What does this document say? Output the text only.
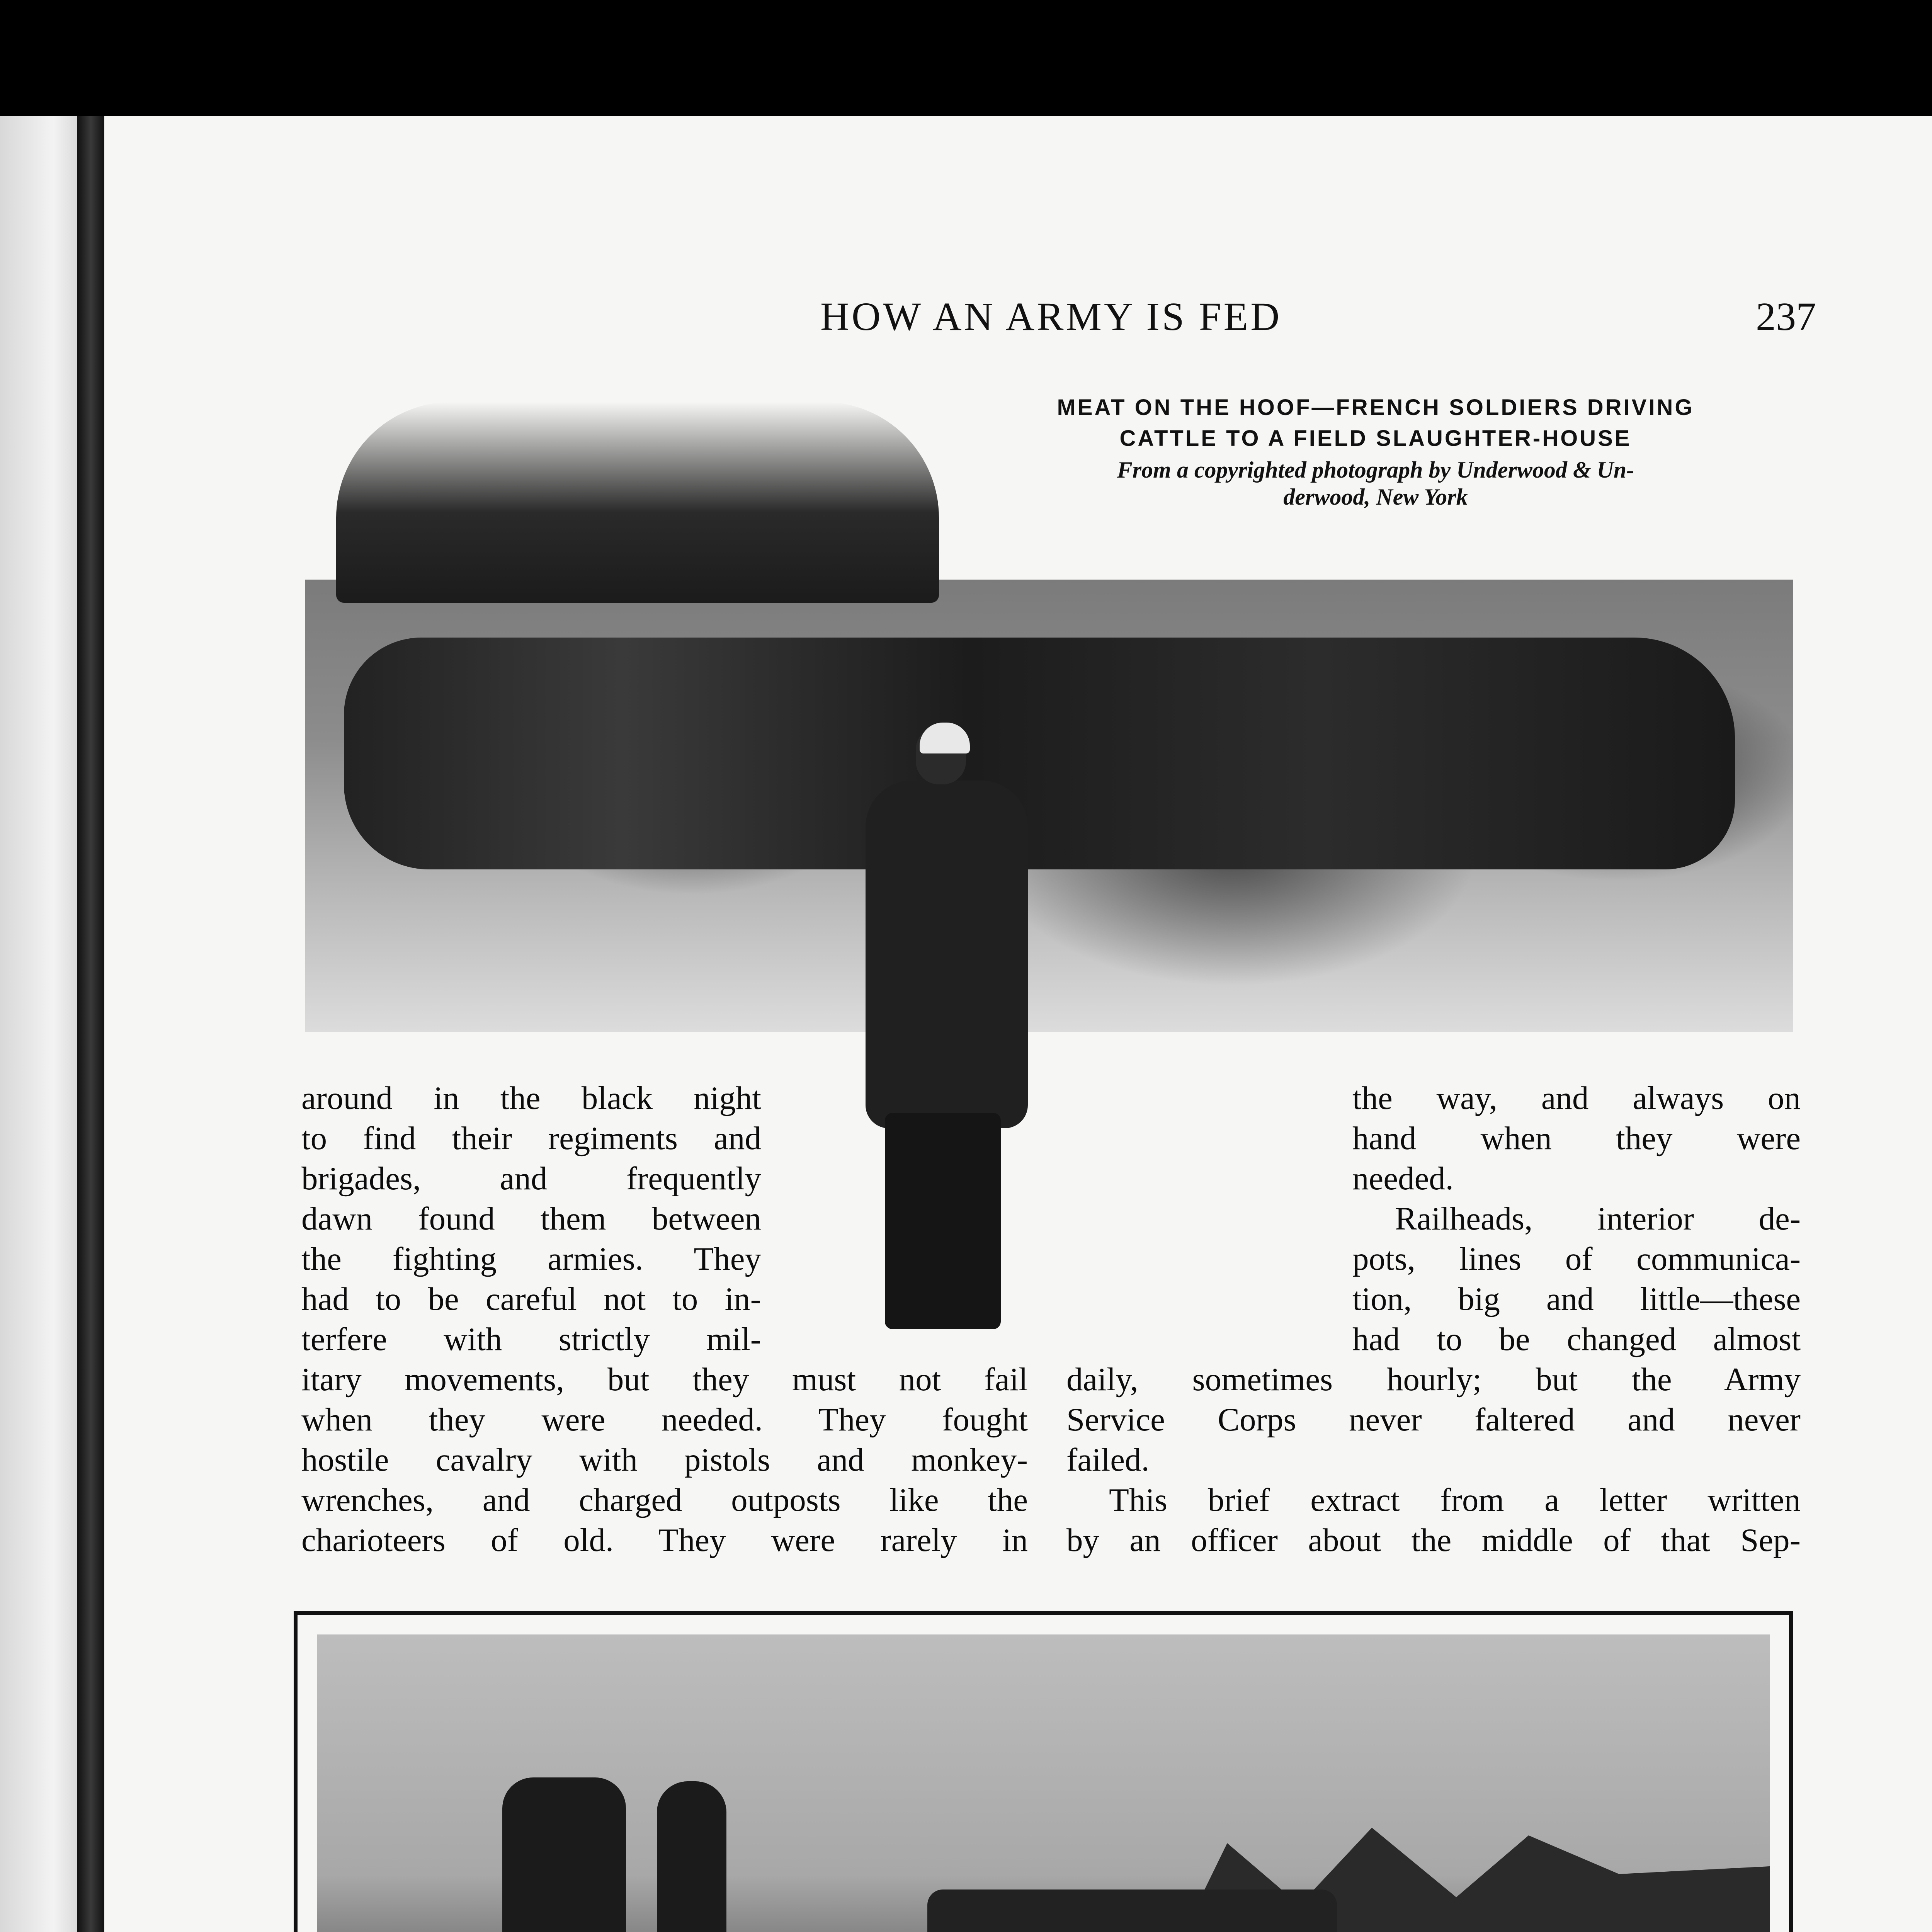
HOW AN ARMY IS FED	237

MEAT ON THE HOOF—FRENCH SOLDIERS DRIVING

CATTLE TO A FIELD SLAUGHTER-HOUSE

From a copyrighted photograph by Underwood & Un-

derwood, New York

around in the black night

to find their regiments and

brigades, and frequently

dawn found them between

the fighting armies. They

had to be careful not to in-

terfere with strictly mil-

itary movements, but they must not fail

when they were needed. They fought

hostile cavalry with pistols and monkey-

wrenches, and charged outposts like the

charioteers of old. They were rarely in

the way, and always on

hand when they were

needed.

Railheads, interior de-

pots, lines of communica-

tion, big and little—these

had to be changed almost

daily, sometimes hourly; but the Army

Service Corps never faltered and never

failed.

This brief extract from a letter written

by an officer about the middle of that Sep-
